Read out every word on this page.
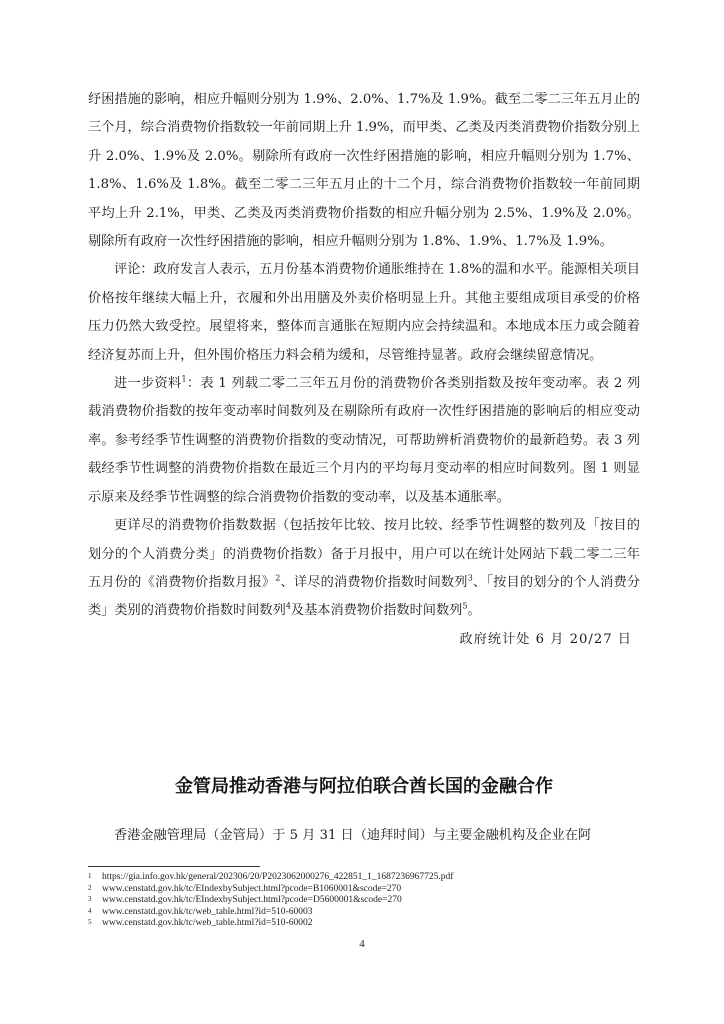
纾困措施的影响，相应升幅则分别为 1.9%、2.0%、1.7%及 1.9%。截至二零二三年五月止的三个月，综合消费物价指数较一年前同期上升 1.9%，而甲类、乙类及丙类消费物价指数分别上升 2.0%、1.9%及 2.0%。剔除所有政府一次性纾困措施的影响，相应升幅则分别为 1.7%、1.8%、1.6%及 1.8%。截至二零二三年五月止的十二个月，综合消费物价指数较一年前同期平均上升 2.1%，甲类、乙类及丙类消费物价指数的相应升幅分别为 2.5%、1.9%及 2.0%。剔除所有政府一次性纾困措施的影响，相应升幅则分别为 1.8%、1.9%、1.7%及 1.9%。

评论：政府发言人表示，五月份基本消费物价通胀维持在 1.8%的温和水平。能源相关项目价格按年继续大幅上升，衣履和外出用膳及外卖价格明显上升。其他主要组成项目承受的价格压力仍然大致受控。展望将来，整体而言通胀在短期内应会持续温和。本地成本压力或会随着经济复苏而上升，但外围价格压力料会稍为缓和，尽管维持显著。政府会继续留意情况。

进一步资料$^1$：表 1 列载二零二三年五月份的消费物价各类别指数及按年变动率。表 2 列载消费物价指数的按年变动率时间数列及在剔除所有政府一次性纾困措施的影响后的相应变动率。参考经季节性调整的消费物价指数的变动情况，可帮助辨析消费物价的最新趋势。表 3 列载经季节性调整的消费物价指数在最近三个月内的平均每月变动率的相应时间数列。图 1 则显示原来及经季节性调整的综合消费物价指数的变动率，以及基本通胀率。

更详尽的消费物价指数数据（包括按年比较、按月比较、经季节性调整的数列及「按目的划分的个人消费分类」的消费物价指数）备于月报中，用户可以在统计处网站下载二零二三年五月份的《消费物价指数月报》$^2$、详尽的消费物价指数时间数列$^3$、「按目的划分的个人消费分类」类别的消费物价指数时间数列$^4$及基本消费物价指数时间数列$^5$。

政府统计处 6 月 20/27 日

金管局推动香港与阿拉伯联合酋长国的金融合作

香港金融管理局（金管局）于 5 月 31 日（迪拜时间）与主要金融机构及企业在阿

1 https://gia.info.gov.hk/general/202306/20/P2023062000276_422851_1_1687236967725.pdf

2 www.censtatd.gov.hk/tc/EIndexbySubject.html?pcode=B1060001&scode=270

3 www.censtatd.gov.hk/tc/EIndexbySubject.html?pcode=D5600001&scode=270

4 www.censtatd.gov.hk/tc/web_table.html?id=510-60003

5 www.censtatd.gov.hk/tc/web_table.html?id=510-60002

4
